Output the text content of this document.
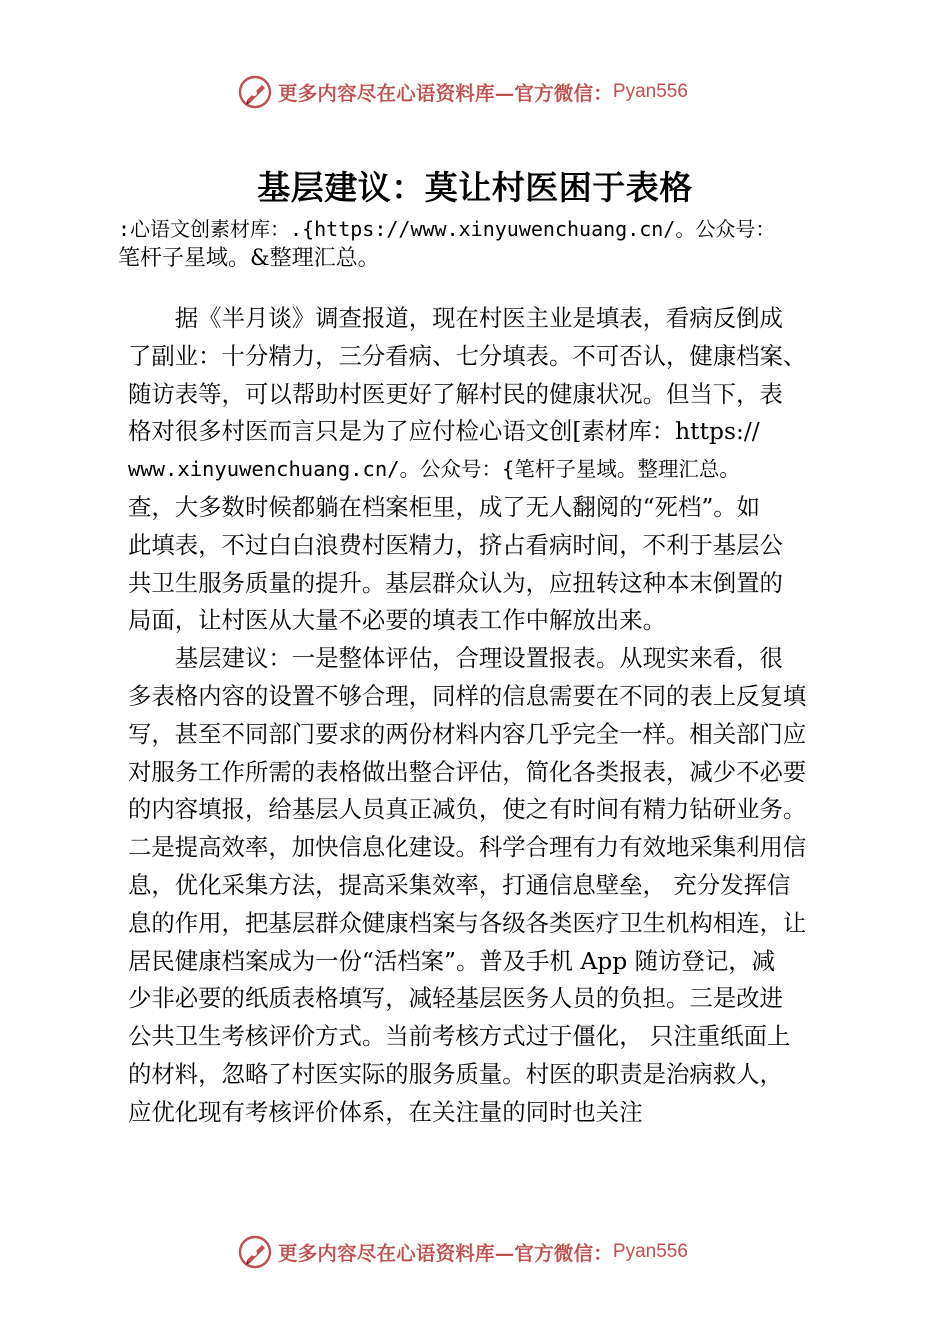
更多内容尽在心语资料库—官方微信： Pyan556
基层建议：莫让村医困于表格
:心语文创素材库：.{https://www.xinyuwenchuang.cn/。公众号：
笔杆子星域。&整理汇总。

据《半月谈》调查报道，现在村医主业是填表，看病反倒成
了副业：十分精力，三分看病、七分填表。不可否认，健康档案、
随访表等，可以帮助村医更好了解村民的健康状况。但当下，表
格对很多村医而言只是为了应付检心语文创[素材库：https://
www.xinyuwenchuang.cn/。公众号：{笔杆子星域。整理汇总。
查，大多数时候都躺在档案柜里，成了无人翻阅的“死档”。如
此填表，不过白白浪费村医精力，挤占看病时间，不利于基层公
共卫生服务质量的提升。基层群众认为，应扭转这种本末倒置的
局面，让村医从大量不必要的填表工作中解放出来。

基层建议：一是整体评估，合理设置报表。从现实来看，很
多表格内容的设置不够合理，同样的信息需要在不同的表上反复填
写，甚至不同部门要求的两份材料内容几乎完全一样。相关部门应
对服务工作所需的表格做出整合评估，简化各类报表，减少不必要
的内容填报，给基层人员真正减负，使之有时间有精力钻研业务。
二是提高效率，加快信息化建设。科学合理有力有效地采集利用信
息，优化采集方法，提高采集效率，打通信息壁垒， 充分发挥信
息的作用，把基层群众健康档案与各级各类医疗卫生机构相连，让
居民健康档案成为一份“活档案”。普及手机 App 随访登记，减
少非必要的纸质表格填写，减轻基层医务人员的负担。三是改进
公共卫生考核评价方式。当前考核方式过于僵化， 只注重纸面上
的材料，忽略了村医实际的服务质量。村医的职责是治病救人，
应优化现有考核评价体系，在关注量的同时也关注

更多内容尽在心语资料库—官方微信： Pyan556
